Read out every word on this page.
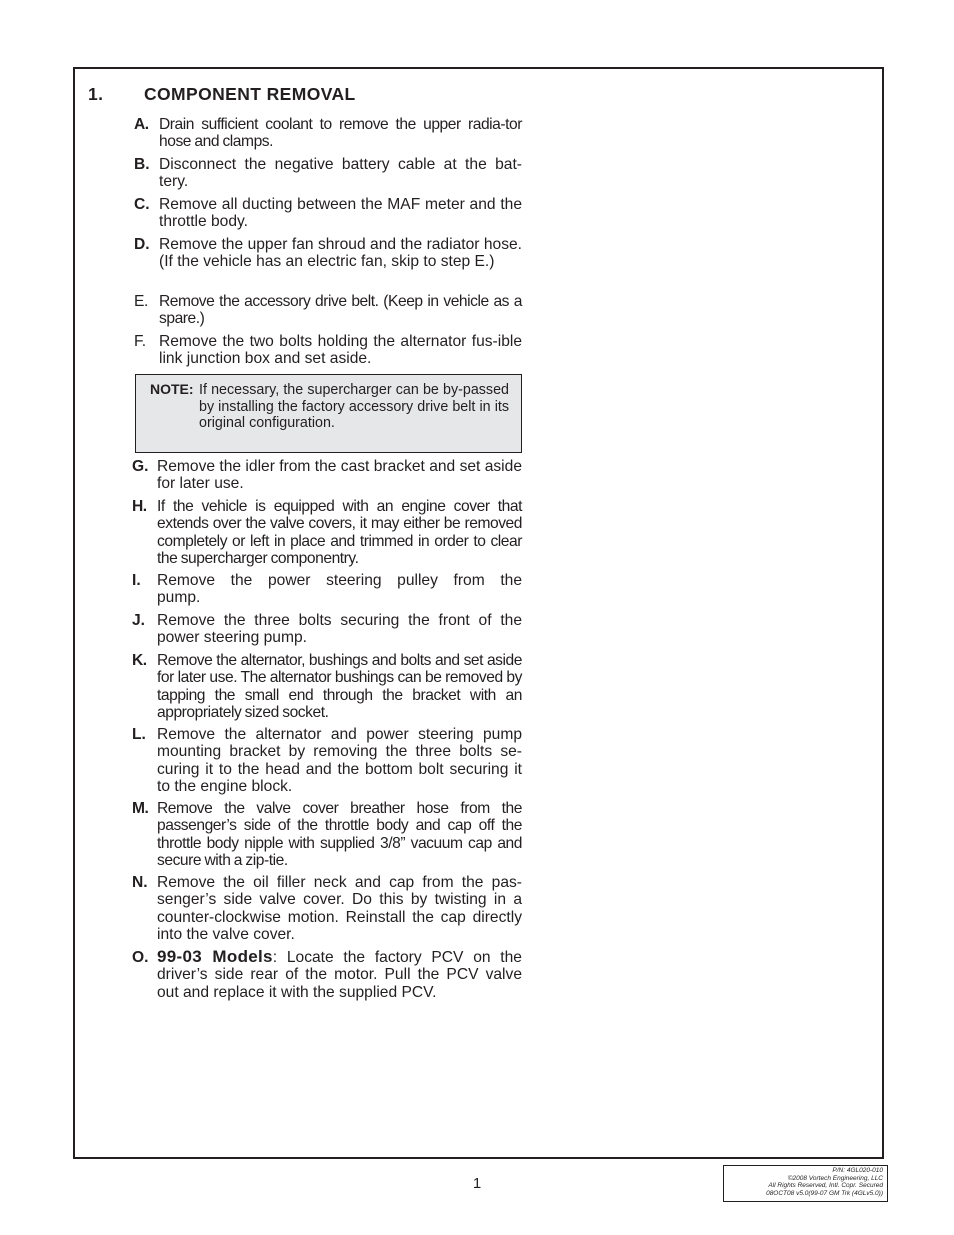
1. COMPONENT REMOVAL
A. Drain sufficient coolant to remove the upper radia-tor hose and clamps.
B. Disconnect the negative battery cable at the bat-tery.
C. Remove all ducting between the MAF meter and the throttle body.
D. Remove the upper fan shroud and the radiator hose. (If the vehicle has an electric fan, skip to step E.)
E. Remove the accessory drive belt. (Keep in vehicle as a spare.)
F. Remove the two bolts holding the alternator fus-ible link junction box and set aside.
NOTE: If necessary, the supercharger can be by-passed by installing the factory accessory drive belt in its original configuration.
G. Remove the idler from the cast bracket and set aside for later use.
H. If the vehicle is equipped with an engine cover that extends over the valve covers, it may either be removed completely or left in place and trimmed in order to clear the supercharger componentry.
I. Remove the power steering pulley from the pump.
J. Remove the three bolts securing the front of the power steering pump.
K. Remove the alternator, bushings and bolts and set aside for later use. The alternator bushings can be removed by tapping the small end through the bracket with an appropriately sized socket.
L. Remove the alternator and power steering pump mounting bracket by removing the three bolts se-curing it to the head and the bottom bolt securing it to the engine block.
M. Remove the valve cover breather hose from the passenger’s side of the throttle body and cap off the throttle body nipple with supplied 3/8” vacuum cap and secure with a zip-tie.
N. Remove the oil filler neck and cap from the pas-senger’s side valve cover. Do this by twisting in a counter-clockwise motion. Reinstall the cap directly into the valve cover.
O. 99-03 Models: Locate the factory PCV on the driver’s side rear of the motor. Pull the PCV valve out and replace it with the supplied PCV.
1
P/N: 4GL020-010
©2008 Vortech Engineering, LLC
All Rights Reserved, Intl. Copr. Secured
08OCT08 v5.0(99-07 GM Trk (4GLv5.0))
